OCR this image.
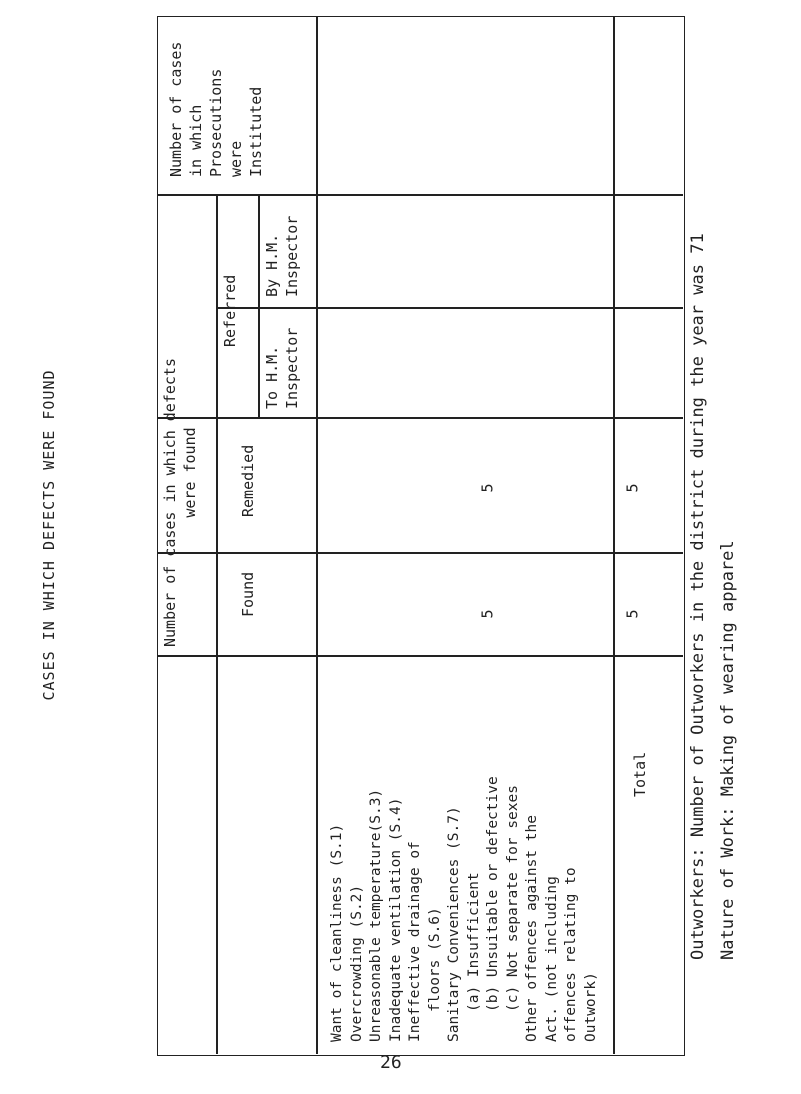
CASES IN WHICH DEFECTS WERE FOUND
Number of cases in which Prosecutions were Instituted
Number of cases in which defects were found
Referred
By H.M. Inspector
To H.M. Inspector
Remedied
Found
Want of cleanliness (S.1) Overcrowding (S.2) Unreasonable temperature(S.3) Inadequate ventilation (S.4) Ineffective drainage of floors (S.6) Sanitary Conveniences (S.7) (a) Insufficient (b) Unsuitable or defective (c) Not separate for sexes Other offences against the Act. (not including offences relating to Outwork)
5
5
5
5
Total Outworkers: Number of Outworkers in the district during the year was 71 Nature of Work: Making of wearing apparel
26
